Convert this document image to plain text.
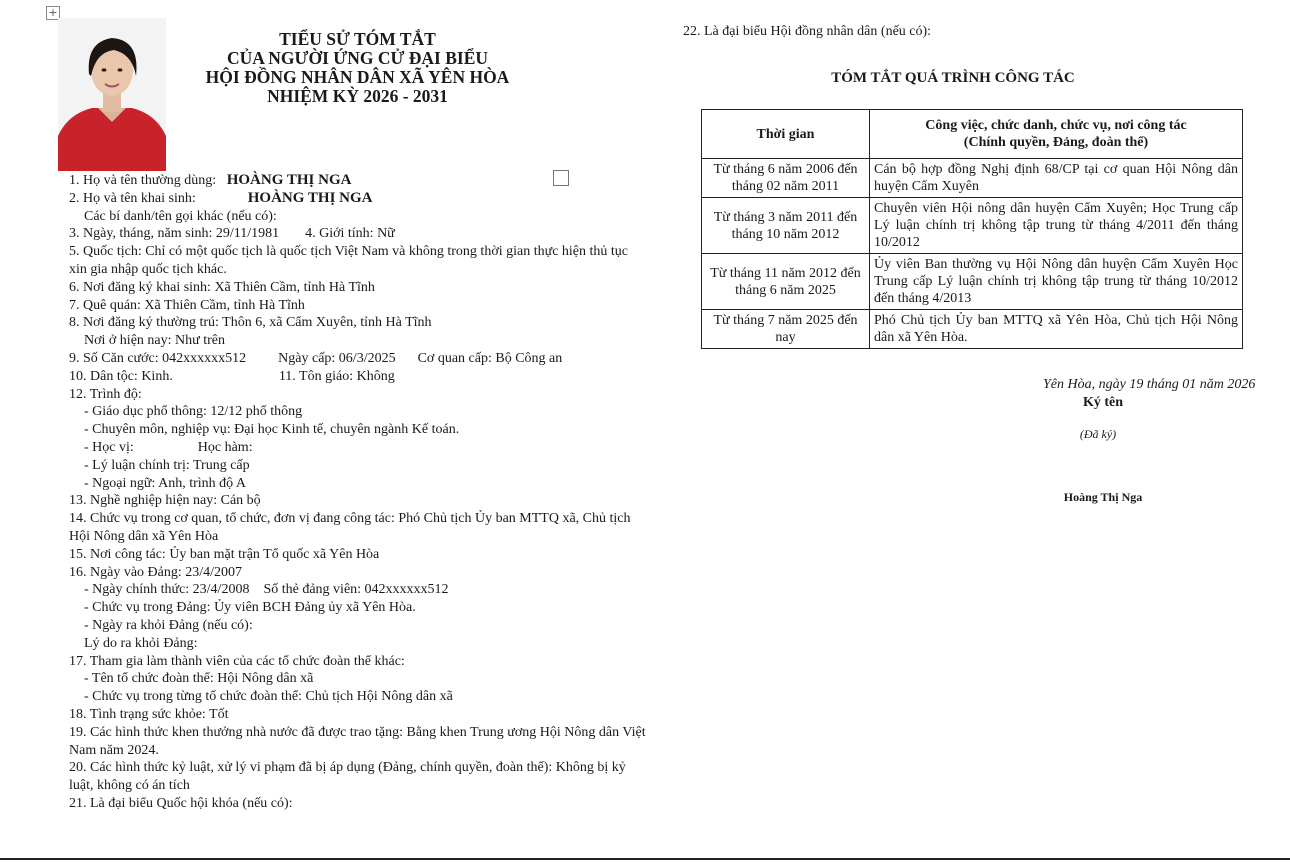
+
TIỂU SỬ TÓM TẮT
CỦA NGƯỜI ỨNG CỬ ĐẠI BIỂU
HỘI ĐỒNG NHÂN DÂN XÃ YÊN HÒA
NHIỆM KỲ 2026 - 2031
1. Họ và tên thường dùng: HOÀNG THỊ NGA
2. Họ và tên khai sinh:	HOÀNG THỊ NGA
Các bí danh/tên gọi khác (nếu có):
3. Ngày, tháng, năm sinh: 29/11/1981 4. Giới tính: Nữ
5. Quốc tịch: Chỉ có một quốc tịch là quốc tịch Việt Nam và không trong thời gian thực hiện thủ tục xin gia nhập quốc tịch khác.
6. Nơi đăng ký khai sinh: Xã Thiên Cầm, tỉnh Hà Tĩnh
7. Quê quán: Xã Thiên Cầm, tỉnh Hà Tĩnh
8. Nơi đăng ký thường trú: Thôn 6, xã Cẩm Xuyên, tỉnh Hà Tĩnh
Nơi ở hiện nay: Như trên
9. Số Căn cước: 042xxxxxx512 Ngày cấp: 06/3/2025 Cơ quan cấp: Bộ Công an
10. Dân tộc: Kinh.	11. Tôn giáo: Không
12. Trình độ:
- Giáo dục phổ thông: 12/12 phổ thông
- Chuyên môn, nghiệp vụ: Đại học Kinh tế, chuyên ngành Kế toán.
- Học vị:	Học hàm:
- Lý luận chính trị: Trung cấp
- Ngoại ngữ: Anh, trình độ A
13. Nghề nghiệp hiện nay: Cán bộ
14. Chức vụ trong cơ quan, tổ chức, đơn vị đang công tác: Phó Chủ tịch Ủy ban MTTQ xã, Chủ tịch Hội Nông dân xã Yên Hòa
15. Nơi công tác: Ủy ban mặt trận Tổ quốc xã Yên Hòa
16. Ngày vào Đảng: 23/4/2007
- Ngày chính thức: 23/4/2008 Số thẻ đảng viên: 042xxxxxx512
- Chức vụ trong Đảng: Ủy viên BCH Đảng ủy xã Yên Hòa.
- Ngày ra khỏi Đảng (nếu có):
Lý do ra khỏi Đảng:
17. Tham gia làm thành viên của các tổ chức đoàn thể khác:
- Tên tổ chức đoàn thể: Hội Nông dân xã
- Chức vụ trong từng tổ chức đoàn thể: Chủ tịch Hội Nông dân xã
18. Tình trạng sức khỏe: Tốt
19. Các hình thức khen thưởng nhà nước đã được trao tặng: Bằng khen Trung ương Hội Nông dân Việt Nam năm 2024.
20. Các hình thức kỷ luật, xử lý vi phạm đã bị áp dụng (Đảng, chính quyền, đoàn thể): Không bị kỷ luật, không có án tích
21. Là đại biểu Quốc hội khóa (nếu có):
22. Là đại biểu Hội đồng nhân dân (nếu có):
TÓM TẮT QUÁ TRÌNH CÔNG TÁC
Thời gian	Công việc, chức danh, chức vụ, nơi công tác
(Chính quyền, Đảng, đoàn thể)

Từ tháng 6 năm 2006 đến tháng 02 năm 2011	Cán bộ hợp đồng Nghị định 68/CP tại cơ quan Hội Nông dân huyện Cẩm Xuyên
Từ tháng 3 năm 2011 đến tháng 10 năm 2012	Chuyên viên Hội nông dân huyện Cẩm Xuyên; Học Trung cấp Lý luận chính trị không tập trung từ tháng 4/2011 đến tháng 10/2012
Từ tháng 11 năm 2012 đến tháng 6 năm 2025	Ủy viên Ban thường vụ Hội Nông dân huyện Cẩm Xuyên Học Trung cấp Lý luận chính trị không tập trung từ tháng 10/2012 đến tháng 4/2013
Từ tháng 7 năm 2025 đến nay	Phó Chủ tịch Ủy ban MTTQ xã Yên Hòa, Chủ tịch Hội Nông dân xã Yên Hòa.
Yên Hòa, ngày 19 tháng 01 năm 2026
Ký tên
(Đã ký)
Hoàng Thị Nga
